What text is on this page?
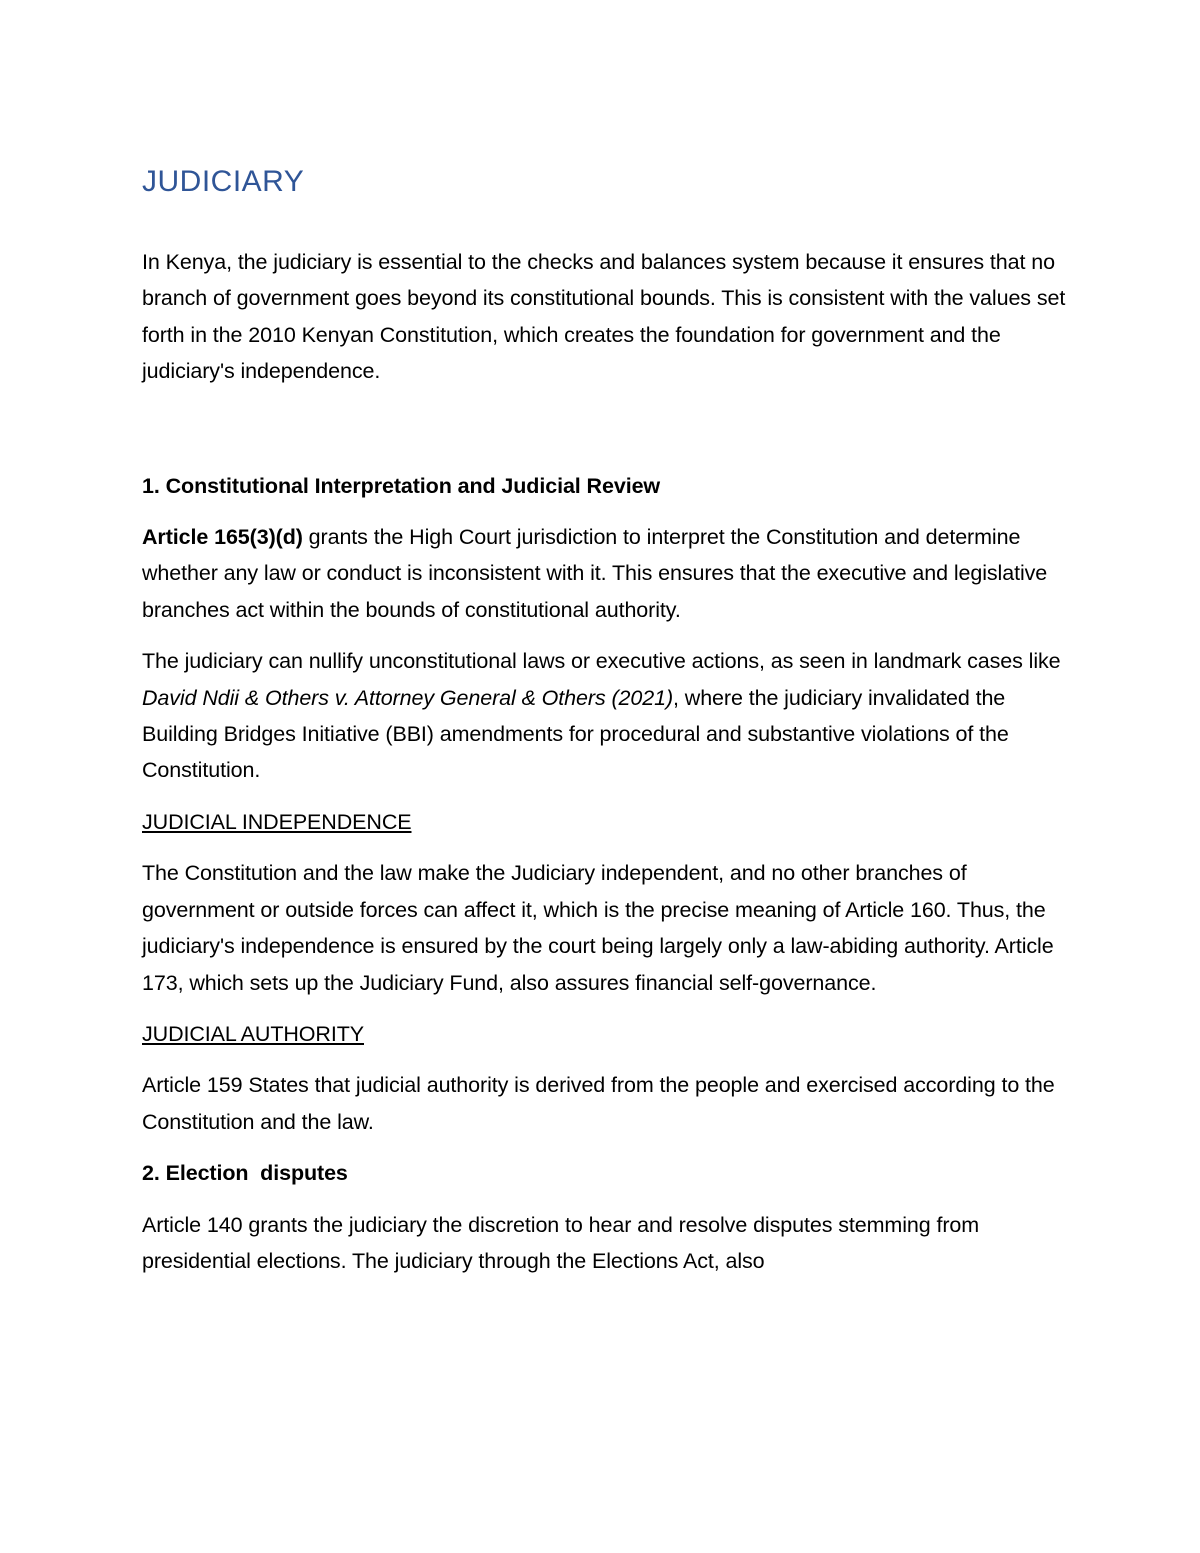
JUDICIARY

In Kenya, the judiciary is essential to the checks and balances system because it ensures that no branch of government goes beyond its constitutional bounds. This is consistent with the values set forth in the 2010 Kenyan Constitution, which creates the foundation for government and the judiciary's independence.

1. Constitutional Interpretation and Judicial Review

Article 165(3)(d) grants the High Court jurisdiction to interpret the Constitution and determine whether any law or conduct is inconsistent with it. This ensures that the executive and legislative branches act within the bounds of constitutional authority.

The judiciary can nullify unconstitutional laws or executive actions, as seen in landmark cases like David Ndii & Others v. Attorney General & Others (2021), where the judiciary invalidated the Building Bridges Initiative (BBI) amendments for procedural and substantive violations of the Constitution.

JUDICIAL INDEPENDENCE

The Constitution and the law make the Judiciary independent, and no other branches of government or outside forces can affect it, which is the precise meaning of Article 160. Thus, the judiciary's independence is ensured by the court being largely only a law-abiding authority. Article 173, which sets up the Judiciary Fund, also assures financial self-governance.

JUDICIAL AUTHORITY

Article 159 States that judicial authority is derived from the people and exercised according to the Constitution and the law.

2. Election  disputes

Article 140 grants the judiciary the discretion to hear and resolve disputes stemming from presidential elections. The judiciary through the Elections Act, also
